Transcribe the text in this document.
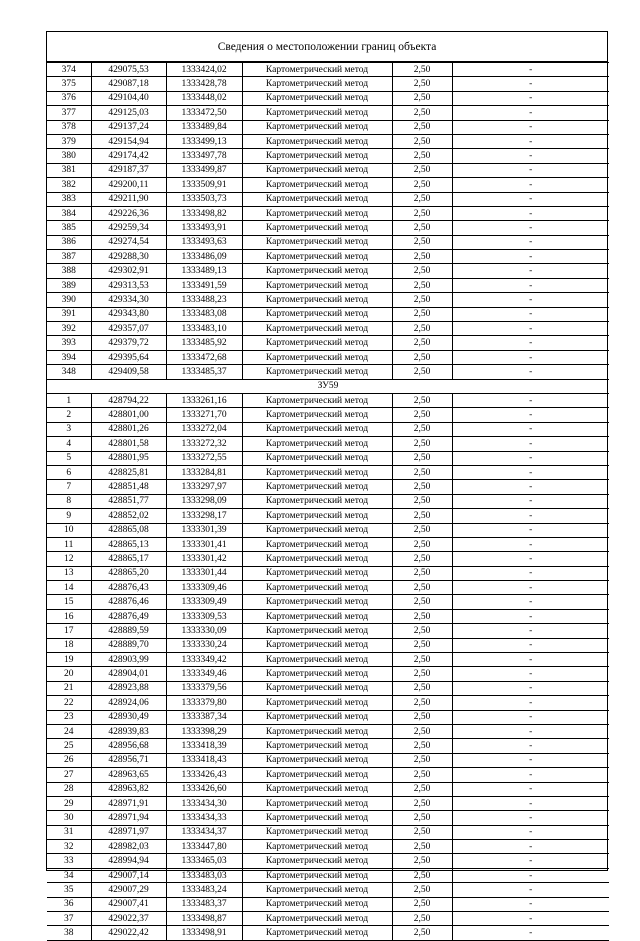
Сведения о местоположении границ объекта
374	429075,53	1333424,02	Картометрический метод	2,50	-
375	429087,18	1333428,78	Картометрический метод	2,50	-
376	429104,40	1333448,02	Картометрический метод	2,50	-
377	429125,03	1333472,50	Картометрический метод	2,50	-
378	429137,24	1333489,84	Картометрический метод	2,50	-
379	429154,94	1333499,13	Картометрический метод	2,50	-
380	429174,42	1333497,78	Картометрический метод	2,50	-
381	429187,37	1333499,87	Картометрический метод	2,50	-
382	429200,11	1333509,91	Картометрический метод	2,50	-
383	429211,90	1333503,73	Картометрический метод	2,50	-
384	429226,36	1333498,82	Картометрический метод	2,50	-
385	429259,34	1333493,91	Картометрический метод	2,50	-
386	429274,54	1333493,63	Картометрический метод	2,50	-
387	429288,30	1333486,09	Картометрический метод	2,50	-
388	429302,91	1333489,13	Картометрический метод	2,50	-
389	429313,53	1333491,59	Картометрический метод	2,50	-
390	429334,30	1333488,23	Картометрический метод	2,50	-
391	429343,80	1333483,08	Картометрический метод	2,50	-
392	429357,07	1333483,10	Картометрический метод	2,50	-
393	429379,72	1333485,92	Картометрический метод	2,50	-
394	429395,64	1333472,68	Картометрический метод	2,50	-
348	429409,58	1333485,37	Картометрический метод	2,50	-
ЗУ59					
1	428794,22	1333261,16	Картометрический метод	2,50	-
2	428801,00	1333271,70	Картометрический метод	2,50	-
3	428801,26	1333272,04	Картометрический метод	2,50	-
4	428801,58	1333272,32	Картометрический метод	2,50	-
5	428801,95	1333272,55	Картометрический метод	2,50	-
6	428825,81	1333284,81	Картометрический метод	2,50	-
7	428851,48	1333297,97	Картометрический метод	2,50	-
8	428851,77	1333298,09	Картометрический метод	2,50	-
9	428852,02	1333298,17	Картометрический метод	2,50	-
10	428865,08	1333301,39	Картометрический метод	2,50	-
11	428865,13	1333301,41	Картометрический метод	2,50	-
12	428865,17	1333301,42	Картометрический метод	2,50	-
13	428865,20	1333301,44	Картометрический метод	2,50	-
14	428876,43	1333309,46	Картометрический метод	2,50	-
15	428876,46	1333309,49	Картометрический метод	2,50	-
16	428876,49	1333309,53	Картометрический метод	2,50	-
17	428889,59	1333330,09	Картометрический метод	2,50	-
18	428889,70	1333330,24	Картометрический метод	2,50	-
19	428903,99	1333349,42	Картометрический метод	2,50	-
20	428904,01	1333349,46	Картометрический метод	2,50	-
21	428923,88	1333379,56	Картометрический метод	2,50	-
22	428924,06	1333379,80	Картометрический метод	2,50	-
23	428930,49	1333387,34	Картометрический метод	2,50	-
24	428939,83	1333398,29	Картометрический метод	2,50	-
25	428956,68	1333418,39	Картометрический метод	2,50	-
26	428956,71	1333418,43	Картометрический метод	2,50	-
27	428963,65	1333426,43	Картометрический метод	2,50	-
28	428963,82	1333426,60	Картометрический метод	2,50	-
29	428971,91	1333434,30	Картометрический метод	2,50	-
30	428971,94	1333434,33	Картометрический метод	2,50	-
31	428971,97	1333434,37	Картометрический метод	2,50	-
32	428982,03	1333447,80	Картометрический метод	2,50	-
33	428994,94	1333465,03	Картометрический метод	2,50	-
34	429007,14	1333483,03	Картометрический метод	2,50	-
35	429007,29	1333483,24	Картометрический метод	2,50	-
36	429007,41	1333483,37	Картометрический метод	2,50	-
37	429022,37	1333498,87	Картометрический метод	2,50	-
38	429022,42	1333498,91	Картометрический метод	2,50	-
